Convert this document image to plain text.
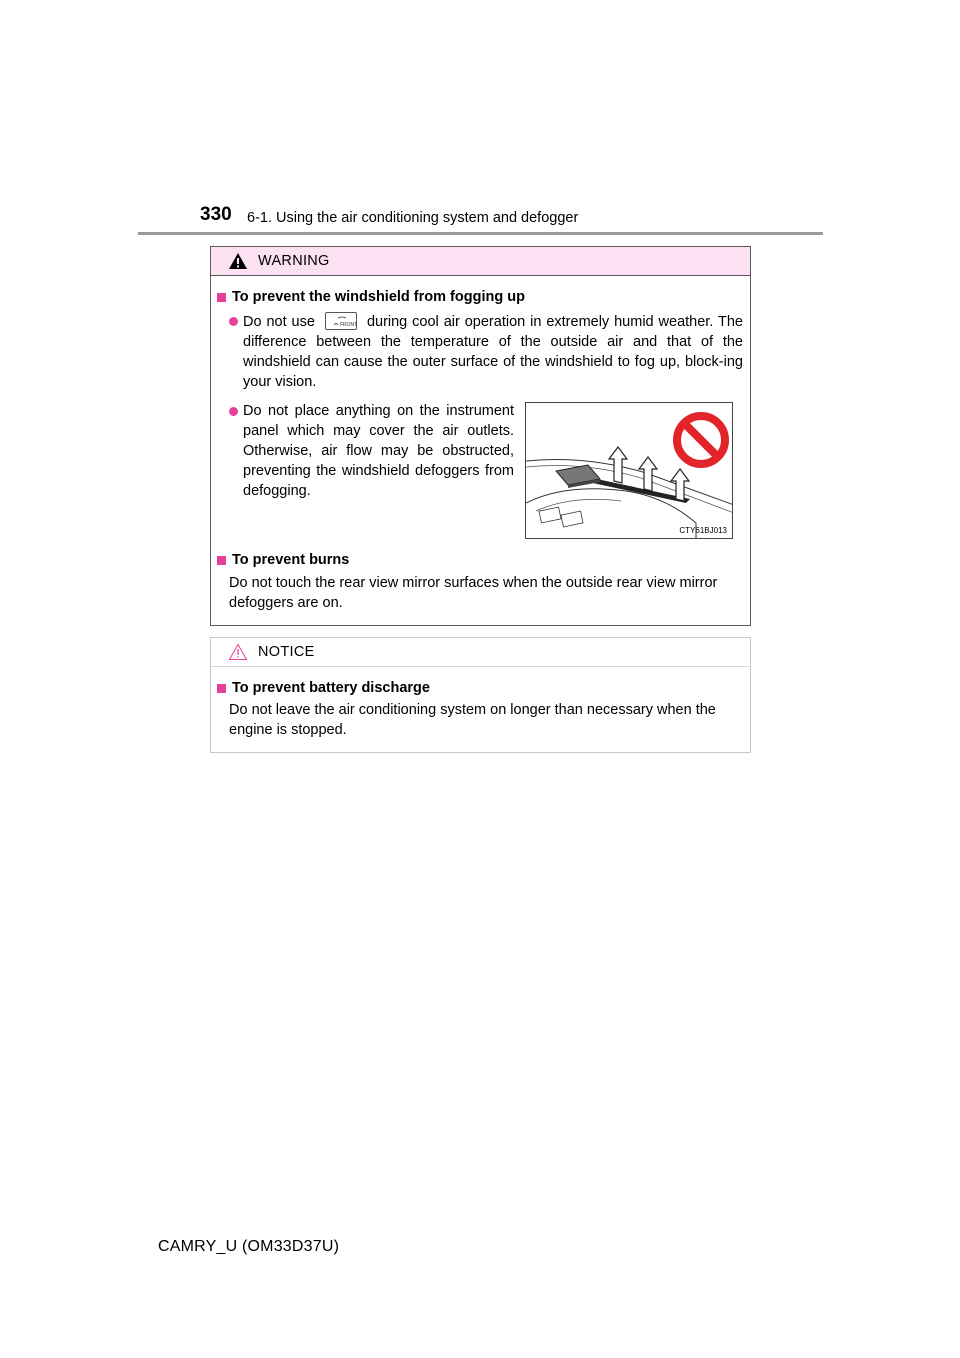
330 6-1. Using the air conditioning system and defogger
WARNING
To prevent the windshield from fogging up
Do not use	FRONT during cool air operation in extremely humid weather. The difference between the temperature of the outside air and that of the windshield can cause the outer surface of the windshield to fog up, block-ing your vision.
Do not place anything on the instrument panel which may cover the air outlets. Otherwise, air flow may be obstructed, preventing the windshield defoggers from defogging.
CTY61BJ013
To prevent burns
Do not touch the rear view mirror surfaces when the outside rear view mirror defoggers are on.
NOTICE
To prevent battery discharge
Do not leave the air conditioning system on longer than necessary when the engine is stopped.
CAMRY_U (OM33D37U)
